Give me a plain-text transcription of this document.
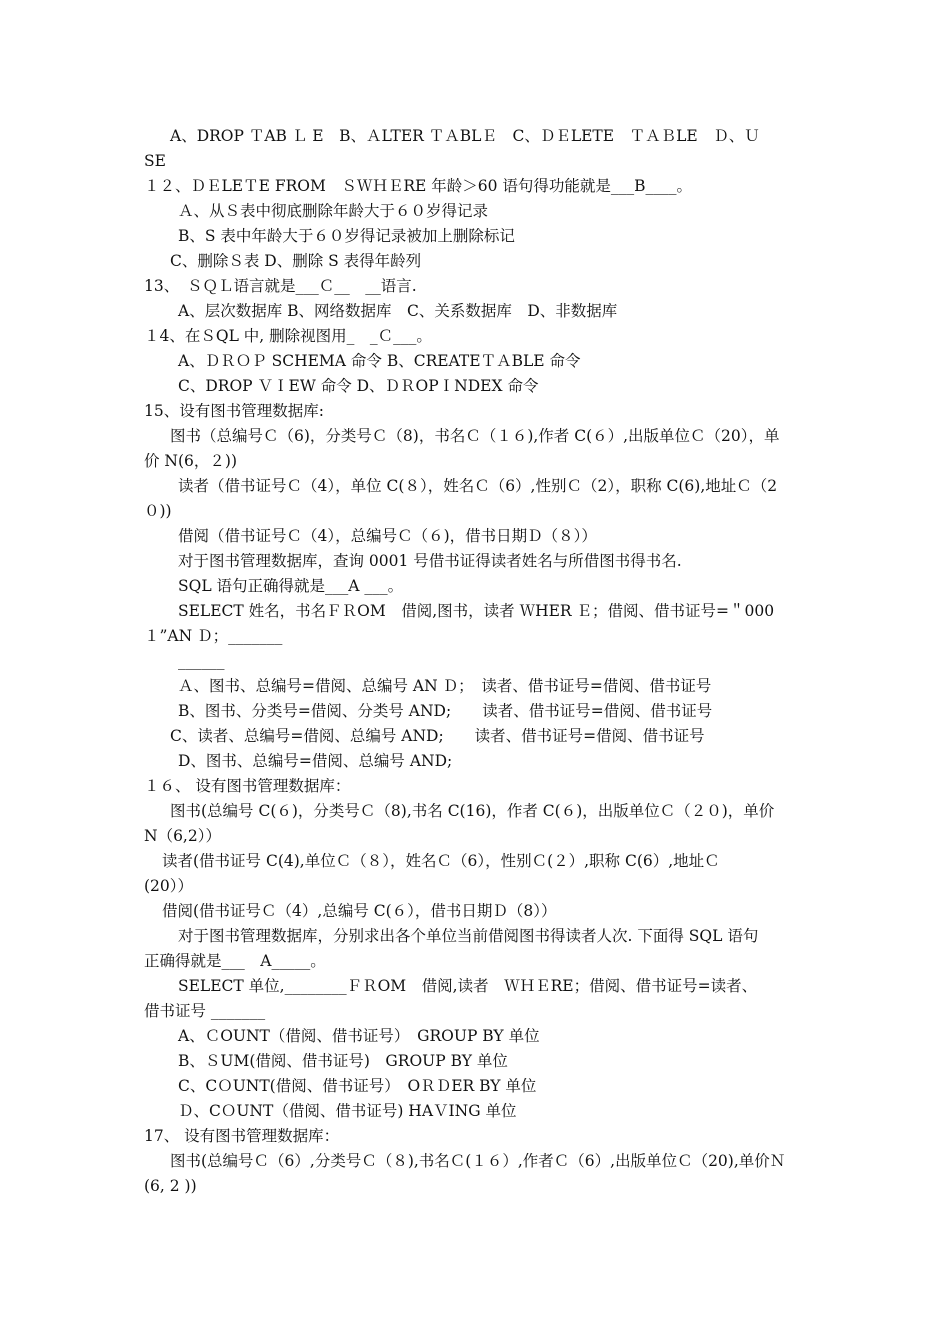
A、DROP ＴAB Ｌ E　B、ＡLTER ＴＡBLＥ　C、ＤＥLETE　ＴＡＢLE　Ｄ、Ｕ
SE
１２、ＤＥLEＴE FROM　ＳＷＨＥRE 年龄＞60 语句得功能就是___B____。
Ａ、从Ｓ表中彻底删除年龄大于６０岁得记录
B、S 表中年龄大于６０岁得记录被加上删除标记
C、删除Ｓ表 D、删除 S 表得年龄列
13、　ＳＱＬ语言就是___Ｃ__　__语言.
A、层次数据库 B、网络数据库　C、关系数据库　D、非数据库
１4、在ＳQL 中, 删除视图用_　_Ｃ___。
A、ＤＲＯＰ SCHEMA 命令 B、CREATEＴＡBLE 命令
C、DROP ＶＩEW 命令 D、ＤＲOPＩNDEX 命令
15、设有图书管理数据库:
图书（总编号Ｃ（6)，分类号Ｃ（8)，书名Ｃ（１６),作者 C(６）,出版单位Ｃ（20），单
价 N(6，２))
读者（借书证号Ｃ（4），单位 C(８），姓名Ｃ（6）,性别Ｃ（2），职称 C(6),地址Ｃ（2
０))
借阅（借书证号Ｃ（4），总编号Ｃ（６)，借书日期Ｄ（８））
对于图书管理数据库，查询 0001 号借书证得读者姓名与所借图书得书名.
SQL 语句正确得就是___A ___。
SELECT 姓名，书名ＦＲOM　借阅,图书，读者 ＷHER Ｅ；借阅、借书证号=＂000
１”AN Ｄ；_______
______
Ａ、图书、总编号=借阅、总编号 AN Ｄ；　读者、借书证号=借阅、借书证号
B、图书、分类号=借阅、分类号 AND;　　读者、借书证号=借阅、借书证号
C、读者、总编号=借阅、总编号 AND;　　读者、借书证号=借阅、借书证号
D、图书、总编号=借阅、总编号 AND;
１６、 设有图书管理数据库：
图书(总编号 C(６)，分类号Ｃ（8),书名 C(16)，作者 C(６)，出版单位Ｃ（２０)，单价
N（6,2））
读者(借书证号 C(4),单位Ｃ（８），姓名Ｃ（6），性别Ｃ(２）,职称 C(6）,地址Ｃ
(20））
借阅(借书证号Ｃ（4）,总编号 C(６），借书日期Ｄ（8））
对于图书管理数据库，分别求出各个单位当前借阅图书得读者人次. 下面得 SQL 语句
正确得就是___　A_____。
SELECT 单位,________ＦＲOM　借阅,读者　ＷＨＥRE；借阅、借书证号=读者、
借书证号 _______
A、ＣOUNT（借阅、借书证号）　GROUP BY 单位
B、ＳUM(借阅、借书证号)　GROUP BY 单位
C、CＯUNT(借阅、借书证号）　OＲＤER BY 单位
Ｄ、CＯUNT（借阅、借书证号) HAＶING 单位
17、 设有图书管理数据库：
图书(总编号Ｃ（6）,分类号Ｃ（８),书名Ｃ(１６）,作者Ｃ（6）,出版单位Ｃ（20),单价Ｎ
(6, 2 ))
